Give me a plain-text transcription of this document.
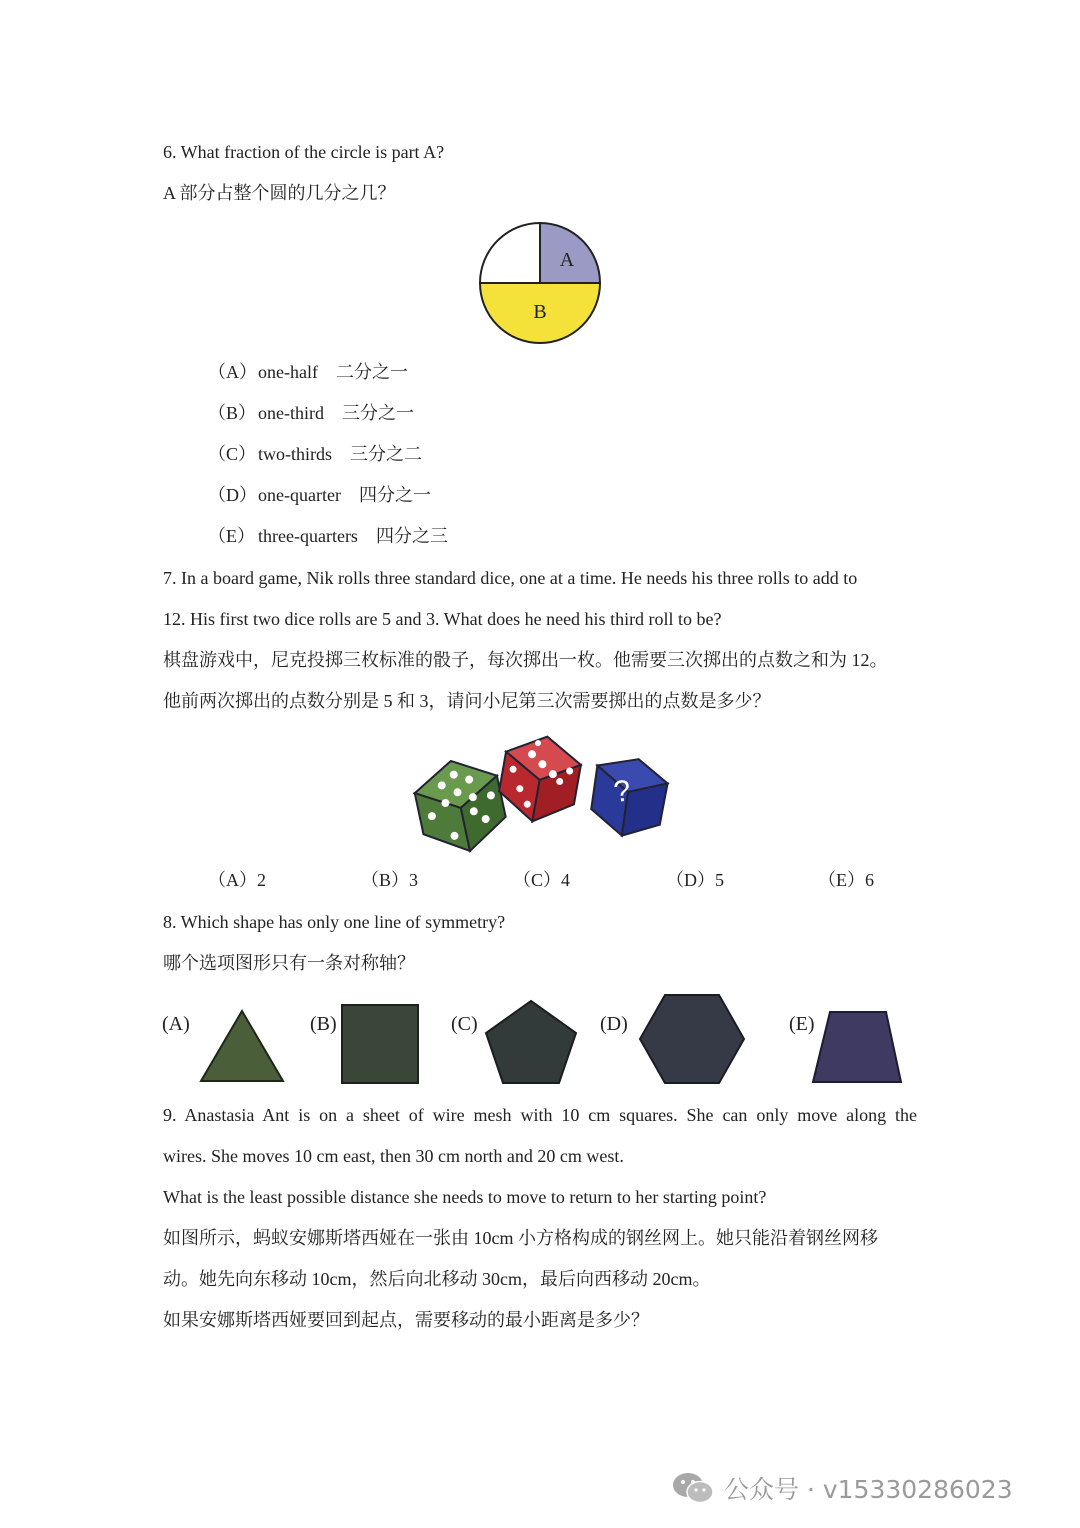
6. What fraction of the circle is part A?
A 部分占整个圆的几分之几？
A
B
（A）one-half 二分之一
（B） one-third 三分之一
（C） two-thirds 三分之二
（D）one-quarter 四分之一
（E） three-quarters 四分之三
7. In a board game, Nik rolls three standard dice, one at a time. He needs his three rolls to add to
12. His first two dice rolls are 5 and 3. What does he need his third roll to be?
棋盘游戏中，尼克投掷三枚标准的骰子，每次掷出一枚。他需要三次掷出的点数之和为 12。
他前两次掷出的点数分别是 5 和 3，请问小尼第三次需要掷出的点数是多少？
?
（A）2	（B）3	（C）4	（D）5	（E）6
8. Which shape has only one line of symmetry?
哪个选项图形只有一条对称轴？
(A)	(B)	(C)	(D)	(E)
9. Anastasia Ant is on a sheet of wire mesh with 10 cm squares. She can only move along the
wires. She moves 10 cm east, then 30 cm north and 20 cm west.
What is the least possible distance she needs to move to return to her starting point?
如图所示，蚂蚁安娜斯塔西娅在一张由 10cm 小方格构成的钢丝网上。她只能沿着钢丝网移
动。她先向东移动 10cm，然后向北移动 30cm，最后向西移动 20cm。
如果安娜斯塔西娅要回到起点，需要移动的最小距离是多少？
公众号 · v15330286023
